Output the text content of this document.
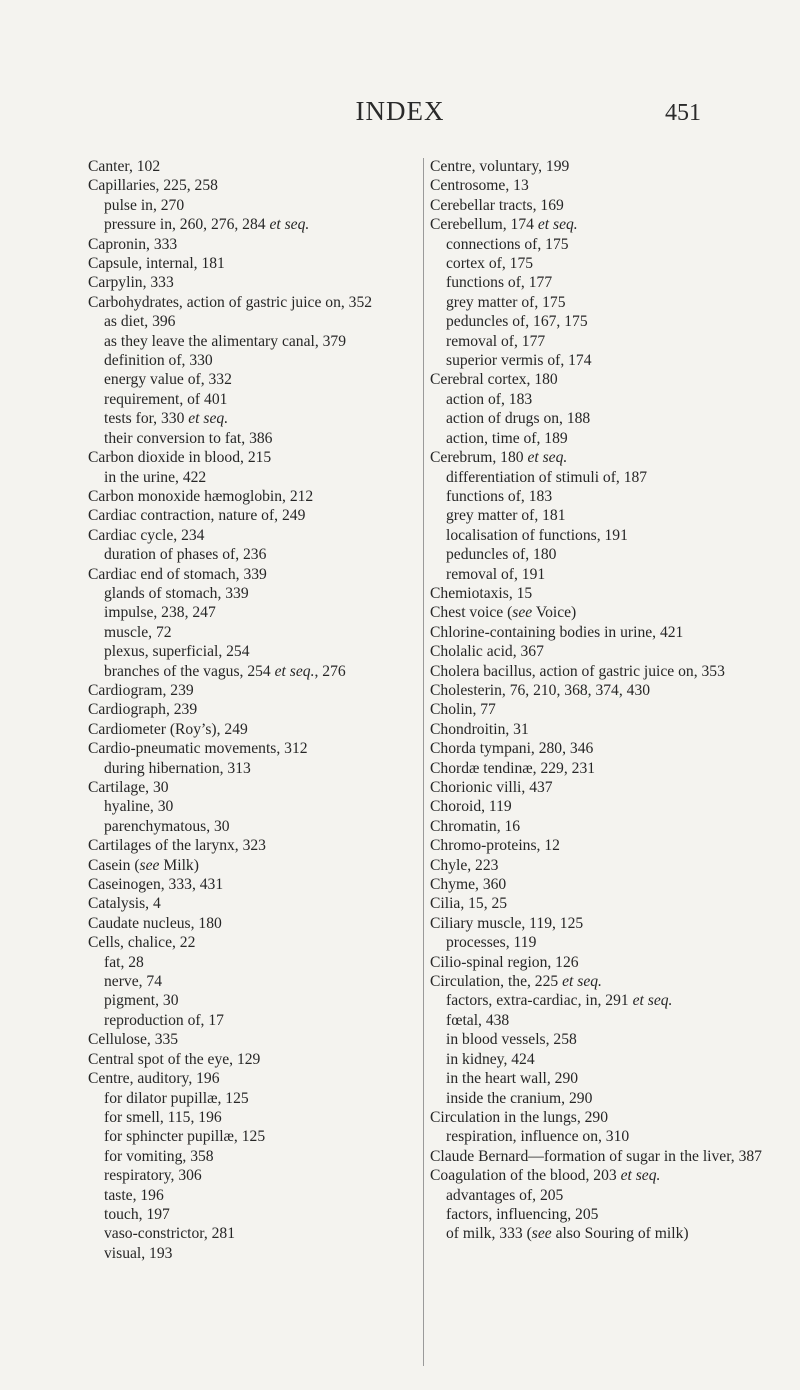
INDEX	451
Canter, 102
Capillaries, 225, 258
pulse in, 270
pressure in, 260, 276, 284 et seq.
Capronin, 333
Capsule, internal, 181
Carpylin, 333
Carbohydrates, action of gastric juice on, 352
as diet, 396
as they leave the alimentary canal, 379
definition of, 330
energy value of, 332
requirement, of 401
tests for, 330 et seq.
their conversion to fat, 386
Carbon dioxide in blood, 215
in the urine, 422
Carbon monoxide hæmoglobin, 212
Cardiac contraction, nature of, 249
Cardiac cycle, 234
duration of phases of, 236
Cardiac end of stomach, 339
glands of stomach, 339
impulse, 238, 247
muscle, 72
plexus, superficial, 254
branches of the vagus, 254 et seq., 276
Cardiogram, 239
Cardiograph, 239
Cardiometer (Roy’s), 249
Cardio-pneumatic movements, 312
during hibernation, 313
Cartilage, 30
hyaline, 30
parenchymatous, 30
Cartilages of the larynx, 323
Casein (see Milk)
Caseinogen, 333, 431
Catalysis, 4
Caudate nucleus, 180
Cells, chalice, 22
fat, 28
nerve, 74
pigment, 30
reproduction of, 17
Cellulose, 335
Central spot of the eye, 129
Centre, auditory, 196
for dilator pupillæ, 125
for smell, 115, 196
for sphincter pupillæ, 125
for vomiting, 358
respiratory, 306
taste, 196
touch, 197
vaso-constrictor, 281
visual, 193
Centre, voluntary, 199
Centrosome, 13
Cerebellar tracts, 169
Cerebellum, 174 et seq.
connections of, 175
cortex of, 175
functions of, 177
grey matter of, 175
peduncles of, 167, 175
removal of, 177
superior vermis of, 174
Cerebral cortex, 180
action of, 183
action of drugs on, 188
action, time of, 189
Cerebrum, 180 et seq.
differentiation of stimuli of, 187
functions of, 183
grey matter of, 181
localisation of functions, 191
peduncles of, 180
removal of, 191
Chemiotaxis, 15
Chest voice (see Voice)
Chlorine-containing bodies in urine, 421
Cholalic acid, 367
Cholera bacillus, action of gastric juice on, 353
Cholesterin, 76, 210, 368, 374, 430
Cholin, 77
Chondroitin, 31
Chorda tympani, 280, 346
Chordæ tendinæ, 229, 231
Chorionic villi, 437
Choroid, 119
Chromatin, 16
Chromo-proteins, 12
Chyle, 223
Chyme, 360
Cilia, 15, 25
Ciliary muscle, 119, 125
processes, 119
Cilio-spinal region, 126
Circulation, the, 225 et seq.
factors, extra-cardiac, in, 291 et seq.
fœtal, 438
in blood vessels, 258
in kidney, 424
in the heart wall, 290
inside the cranium, 290
Circulation in the lungs, 290
respiration, influence on, 310
Claude Bernard—formation of sugar in the liver, 387
Coagulation of the blood, 203 et seq.
advantages of, 205
factors, influencing, 205
of milk, 333 (see also Souring of milk)
